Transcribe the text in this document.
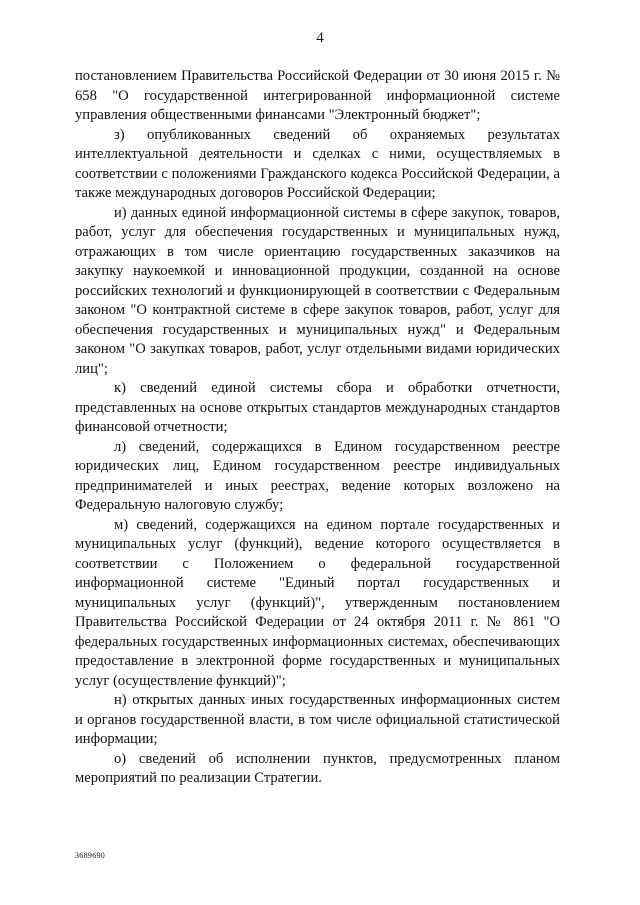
4

постановлением Правительства Российской Федерации от 30 июня 2015 г. № 658 "О государственной интегрированной информационной системе управления общественными финансами "Электронный бюджет";

з) опубликованных сведений об охраняемых результатах интеллектуальной деятельности и сделках с ними, осуществляемых в соответствии с положениями Гражданского кодекса Российской Федерации, а также международных договоров Российской Федерации;

и) данных единой информационной системы в сфере закупок, товаров, работ, услуг для обеспечения государственных и муниципальных нужд, отражающих в том числе ориентацию государственных заказчиков на закупку наукоемкой и инновационной продукции, созданной на основе российских технологий и функционирующей в соответствии с Федеральным законом "О контрактной системе в сфере закупок товаров, работ, услуг для обеспечения государственных и муниципальных нужд" и Федеральным законом "О закупках товаров, работ, услуг отдельными видами юридических лиц";

к) сведений единой системы сбора и обработки отчетности, представленных на основе открытых стандартов международных стандартов финансовой отчетности;

л) сведений, содержащихся в Едином государственном реестре юридических лиц, Едином государственном реестре индивидуальных предпринимателей и иных реестрах, ведение которых возложено на Федеральную налоговую службу;

м) сведений, содержащихся на едином портале государственных и муниципальных услуг (функций), ведение которого осуществляется в соответствии с Положением о федеральной государственной информационной системе "Единый портал государственных и муниципальных услуг (функций)", утвержденным постановлением Правительства Российской Федерации от 24 октября 2011 г. № 861 "О федеральных государственных информационных системах, обеспечивающих предоставление в электронной форме государственных и муниципальных услуг (осуществление функций)";

н) открытых данных иных государственных информационных систем и органов государственной власти, в том числе официальной статистической информации;

о) сведений об исполнении пунктов, предусмотренных планом мероприятий по реализации Стратегии.

3689690
